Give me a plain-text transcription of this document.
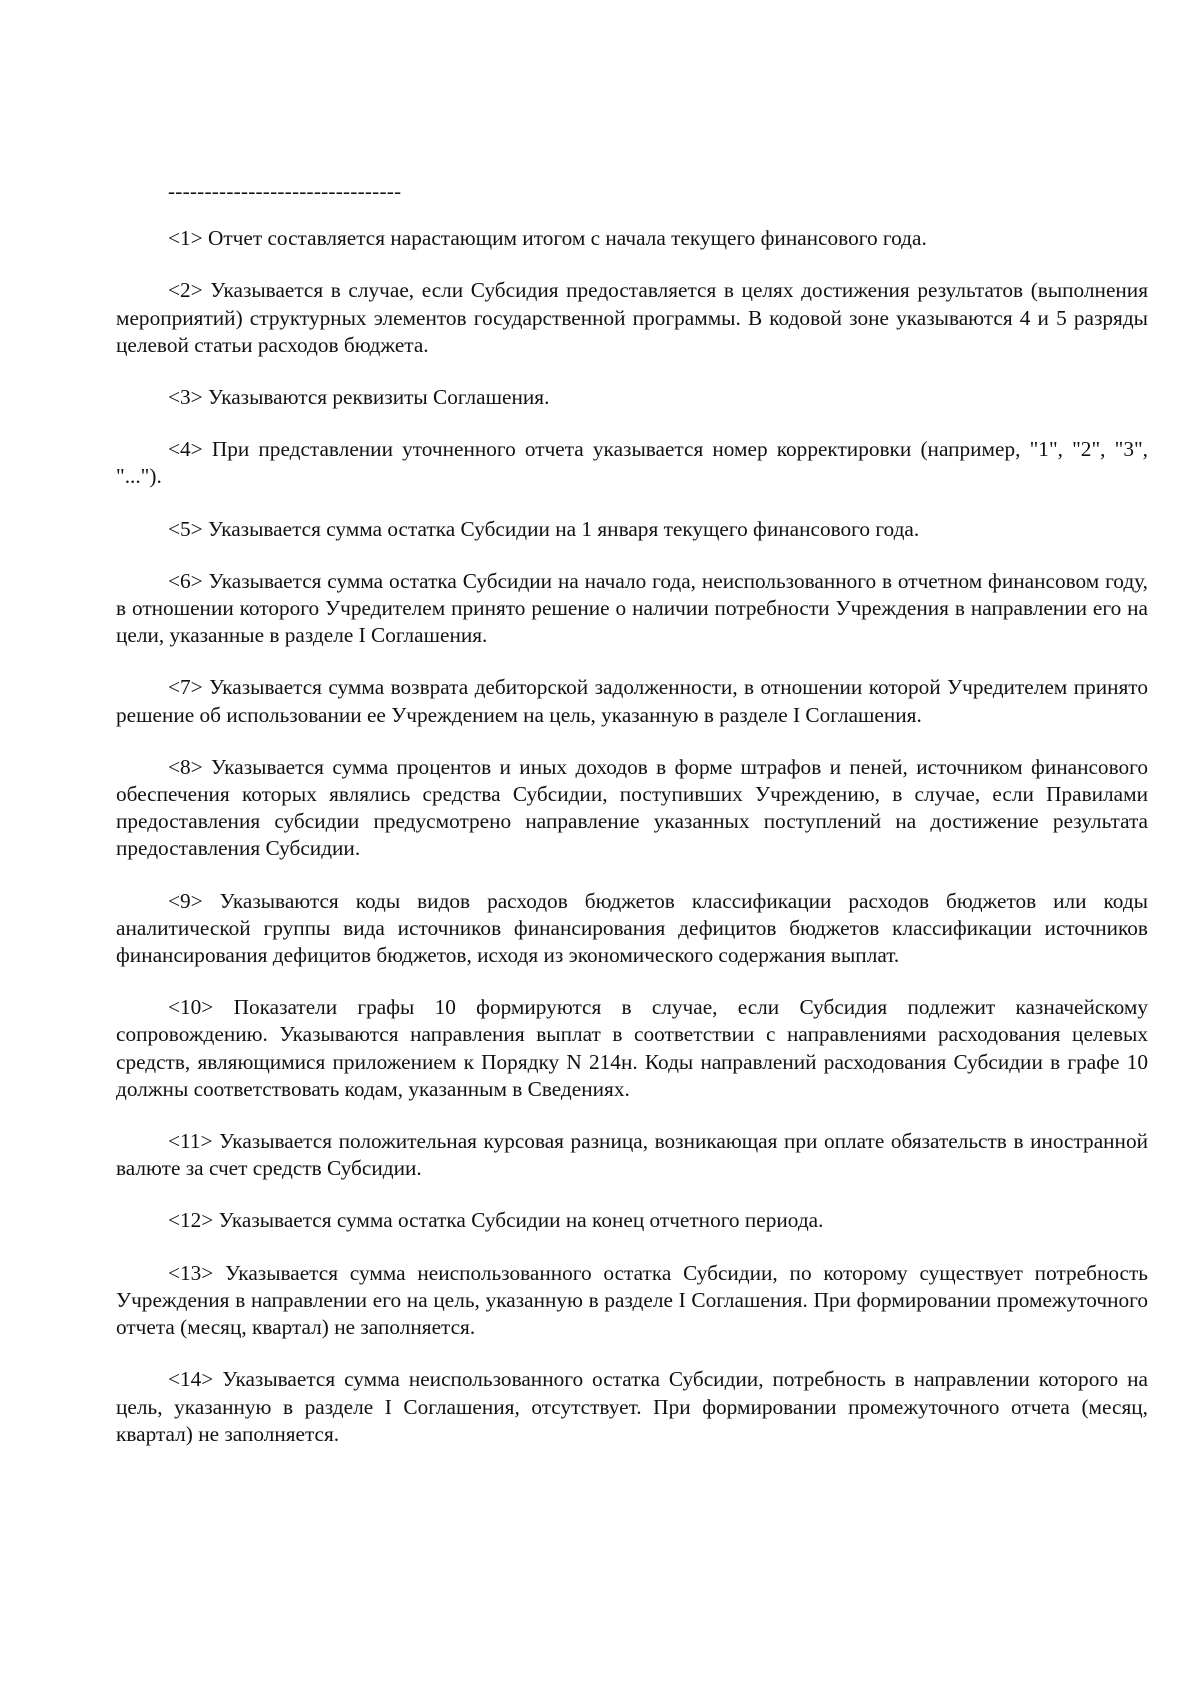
--------------------------------

<1> Отчет составляется нарастающим итогом с начала текущего финансового года.

<2> Указывается в случае, если Субсидия предоставляется в целях достижения результатов (выполнения мероприятий) структурных элементов государственной программы. В кодовой зоне указываются 4 и 5 разряды целевой статьи расходов бюджета.

<3> Указываются реквизиты Соглашения.

<4> При представлении уточненного отчета указывается номер корректировки (например, "1", "2", "3", "...").

<5> Указывается сумма остатка Субсидии на 1 января текущего финансового года.

<6> Указывается сумма остатка Субсидии на начало года, неиспользованного в отчетном финансовом году, в отношении которого Учредителем принято решение о наличии потребности Учреждения в направлении его на цели, указанные в разделе I Соглашения.

<7> Указывается сумма возврата дебиторской задолженности, в отношении которой Учредителем принято решение об использовании ее Учреждением на цель, указанную в разделе I Соглашения.

<8> Указывается сумма процентов и иных доходов в форме штрафов и пеней, источником финансового обеспечения которых являлись средства Субсидии, поступивших Учреждению, в случае, если Правилами предоставления субсидии предусмотрено направление указанных поступлений на достижение результата предоставления Субсидии.

<9> Указываются коды видов расходов бюджетов классификации расходов бюджетов или коды аналитической группы вида источников финансирования дефицитов бюджетов классификации источников финансирования дефицитов бюджетов, исходя из экономического содержания выплат.

<10> Показатели графы 10 формируются в случае, если Субсидия подлежит казначейскому сопровождению. Указываются направления выплат в соответствии с направлениями расходования целевых средств, являющимися приложением к Порядку N 214н. Коды направлений расходования Субсидии в графе 10 должны соответствовать кодам, указанным в Сведениях.

<11> Указывается положительная курсовая разница, возникающая при оплате обязательств в иностранной валюте за счет средств Субсидии.

<12> Указывается сумма остатка Субсидии на конец отчетного периода.

<13> Указывается сумма неиспользованного остатка Субсидии, по которому существует потребность Учреждения в направлении его на цель, указанную в разделе I Соглашения. При формировании промежуточного отчета (месяц, квартал) не заполняется.

<14> Указывается сумма неиспользованного остатка Субсидии, потребность в направлении которого на цель, указанную в разделе I Соглашения, отсутствует. При формировании промежуточного отчета (месяц, квартал) не заполняется.
